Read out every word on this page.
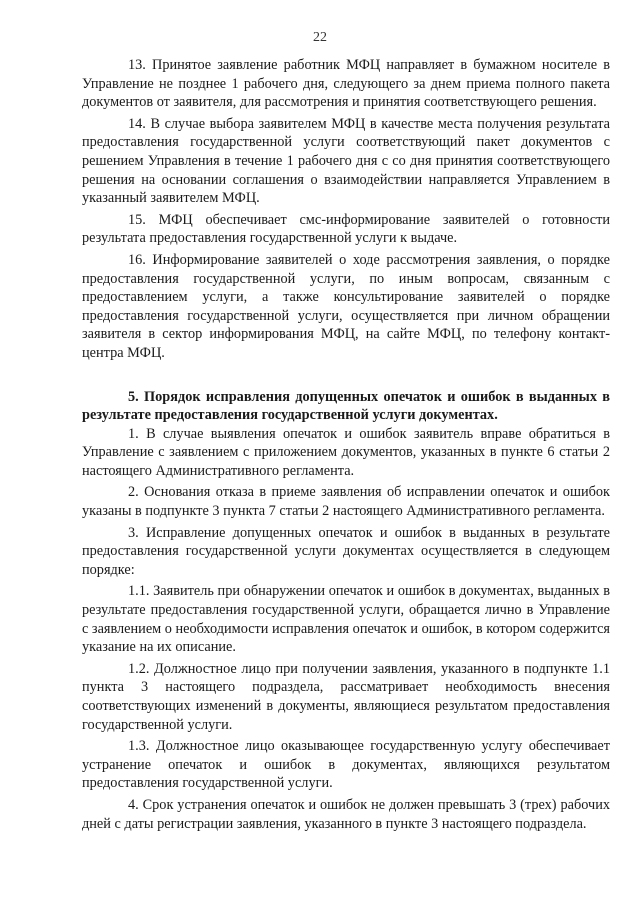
22

13. Принятое заявление работник МФЦ направляет в бумажном носителе в Управление не позднее 1 рабочего дня, следующего за днем приема полного пакета документов от заявителя, для рассмотрения и принятия соответствующего решения.

14. В случае выбора заявителем МФЦ в качестве места получения результата предоставления государственной услуги соответствующий пакет документов с решением Управления в течение 1 рабочего дня с со дня принятия соответствующего решения на основании соглашения о взаимодействии направляется Управлением в указанный заявителем МФЦ.

15. МФЦ обеспечивает смс-информирование заявителей о готовности результата предоставления государственной услуги к выдаче.

16. Информирование заявителей о ходе рассмотрения заявления, о порядке предоставления государственной услуги, по иным вопросам, связанным с предоставлением услуги, а также консультирование заявителей о порядке предоставления государственной услуги, осуществляется при личном обращении заявителя в сектор информирования МФЦ, на сайте МФЦ, по телефону контакт-центра МФЦ.

5. Порядок исправления допущенных опечаток и ошибок в выданных в результате предоставления государственной услуги документах.

1. В случае выявления опечаток и ошибок заявитель вправе обратиться в Управление с заявлением с приложением документов, указанных в пункте 6 статьи 2 настоящего Административного регламента.

2. Основания отказа в приеме заявления об исправлении опечаток и ошибок указаны в подпункте 3 пункта 7 статьи 2 настоящего Административного регламента.

3. Исправление допущенных опечаток и ошибок в выданных в результате предоставления государственной услуги документах осуществляется в следующем порядке:

1.1. Заявитель при обнаружении опечаток и ошибок в документах, выданных в результате предоставления государственной услуги, обращается лично в Управление с заявлением о необходимости исправления опечаток и ошибок, в котором содержится указание на их описание.

1.2. Должностное лицо при получении заявления, указанного в подпункте 1.1 пункта 3 настоящего подраздела, рассматривает необходимость внесения соответствующих изменений в документы, являющиеся результатом предоставления государственной услуги.

1.3. Должностное лицо оказывающее государственную услугу обеспечивает устранение опечаток и ошибок в документах, являющихся результатом предоставления государственной услуги.

4. Срок устранения опечаток и ошибок не должен превышать 3 (трех) рабочих дней с даты регистрации заявления, указанного в пункте 3 настоящего подраздела.
